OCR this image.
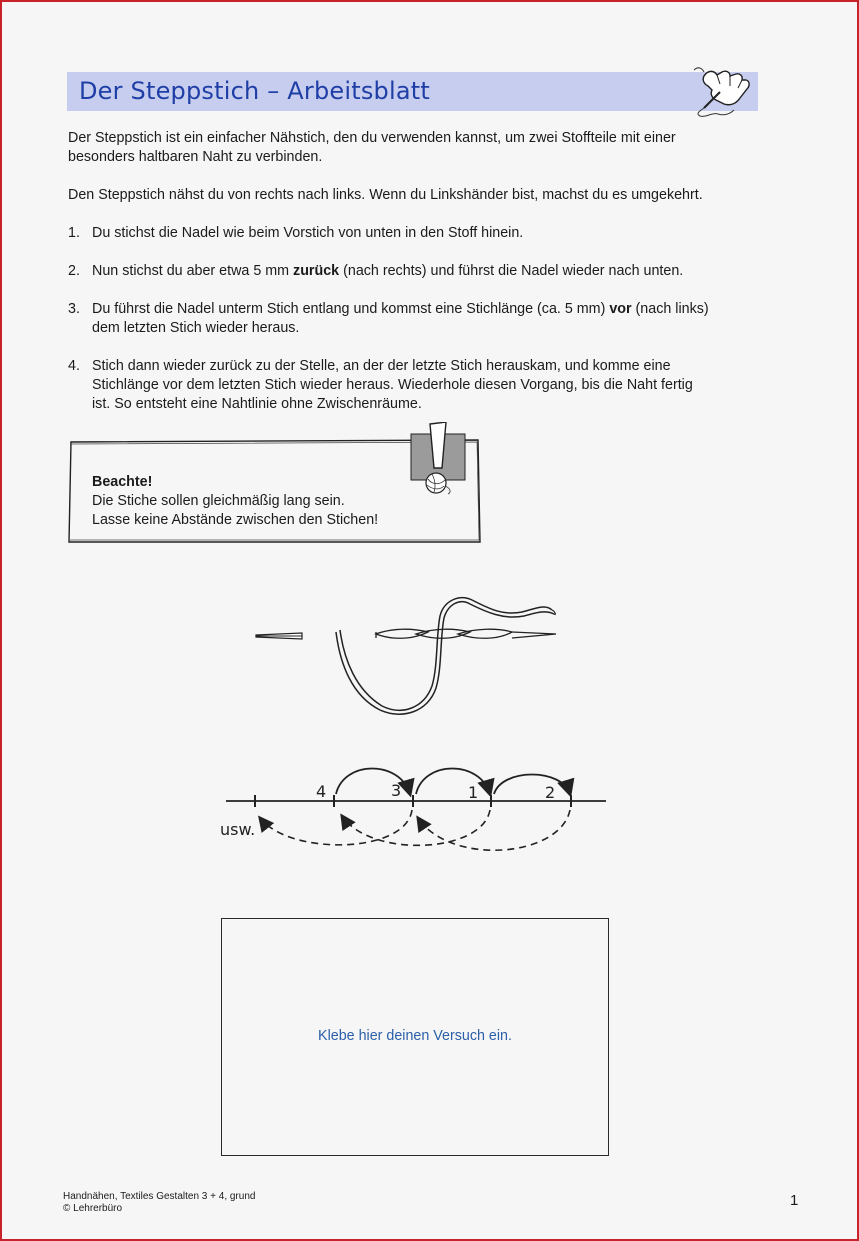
Der Steppstich – Arbeitsblatt

Der Steppstich ist ein einfacher Nähstich, den du verwenden kannst, um zwei Stoffteile mit einer
besonders haltbaren Naht zu verbinden.

Den Steppstich nähst du von rechts nach links. Wenn du Linkshänder bist, machst du es umgekehrt.

1. Du stichst die Nadel wie beim Vorstich von unten in den Stoff hinein.
2. Nun stichst du aber etwa 5 mm zurück (nach rechts) und führst die Nadel wieder nach unten.
3. Du führst die Nadel unterm Stich entlang und kommst eine Stichlänge (ca. 5 mm) vor (nach links)
dem letzten Stich wieder heraus.
4. Stich dann wieder zurück zu der Stelle, an der der letzte Stich herauskam, und komme eine
Stichlänge vor dem letzten Stich wieder heraus. Wiederhole diesen Vorgang, bis die Naht fertig
ist. So entsteht eine Nahtlinie ohne Zwischenräume.
Beachte!
Die Stiche sollen gleichmäßig lang sein.
Lasse keine Abstände zwischen den Stichen!
4	3	1	2
usw.
Klebe hier deinen Versuch ein.
Handnähen, Textiles Gestalten 3 + 4, grund
© Lehrerbüro	1
